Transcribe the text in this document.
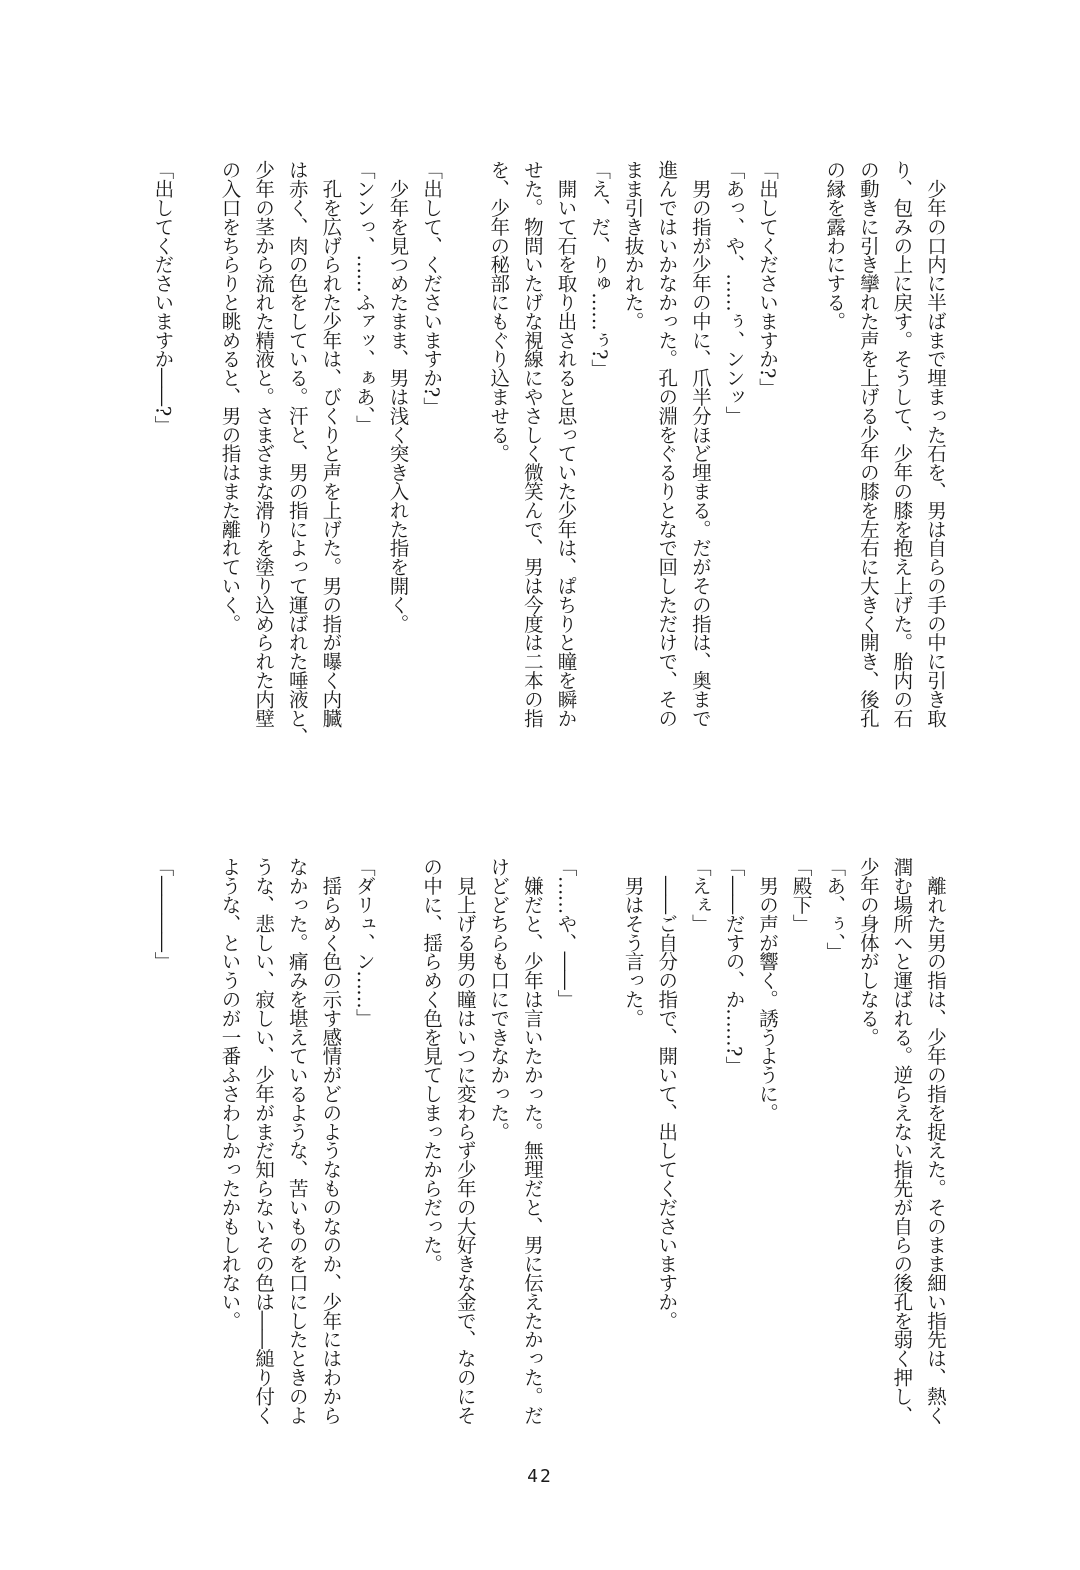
　少年の口内に半ばまで埋まった石を、男は自らの手の中に引き取
り、包みの上に戻す。そうして、少年の膝を抱え上げた。胎内の石
の動きに引き攣れた声を上げる少年の膝を左右に大きく開き、後孔
の縁を露わにする。
「出してくださいますか?」
「あっ、や、……ぅ、ンンッ」
　男の指が少年の中に、爪半分ほど埋まる。だがその指は、奥まで
進んではいかなかった。孔の淵をぐるりとなで回しただけで、その
まま引き抜かれた。
「え、だ、りゅ……ぅ?」
　開いて石を取り出されると思っていた少年は、ぱちりと瞳を瞬か
せた。物問いたげな視線にやさしく微笑んで、男は今度は二本の指
を、少年の秘部にもぐり込ませる。
「出して、くださいますか?」
　少年を見つめたまま、男は浅く突き入れた指を開く。
「ンンっ、……ふァッ、ぁあ、」
　孔を広げられた少年は、びくりと声を上げた。男の指が曝く内臓
は赤く、肉の色をしている。汗と、男の指によって運ばれた唾液と、
少年の茎から流れた精液と。さまざまな滑りを塗り込められた内壁
の入口をちらりと眺めると、男の指はまた離れていく。
「出してくださいますか――?」
　離れた男の指は、少年の指を捉えた。そのまま細い指先は、熱く
潤む場所へと運ばれる。逆らえない指先が自らの後孔を弱く押し、
少年の身体がしなる。
「あ、ぅ、」
「殿下」
　男の声が響く。誘うように。
「――だすの、か……?」
「えぇ」
　――ご自分の指で、開いて、出してくださいますか。
　男はそう言った。
「……や、――」
　嫌だと、少年は言いたかった。無理だと、男に伝えたかった。だ
けどどちらも口にできなかった。
　見上げる男の瞳はいつに変わらず少年の大好きな金で、なのにそ
の中に、揺らめく色を見てしまったからだった。
「ダリュ、ン……」
　揺らめく色の示す感情がどのようなものなのか、少年にはわから
なかった。痛みを堪えているような、苦いものを口にしたときのよ
うな、悲しい、寂しい、少年がまだ知らないその色は――縋り付く
ような、というのが一番ふさわしかったかもしれない。
「――――」
42
